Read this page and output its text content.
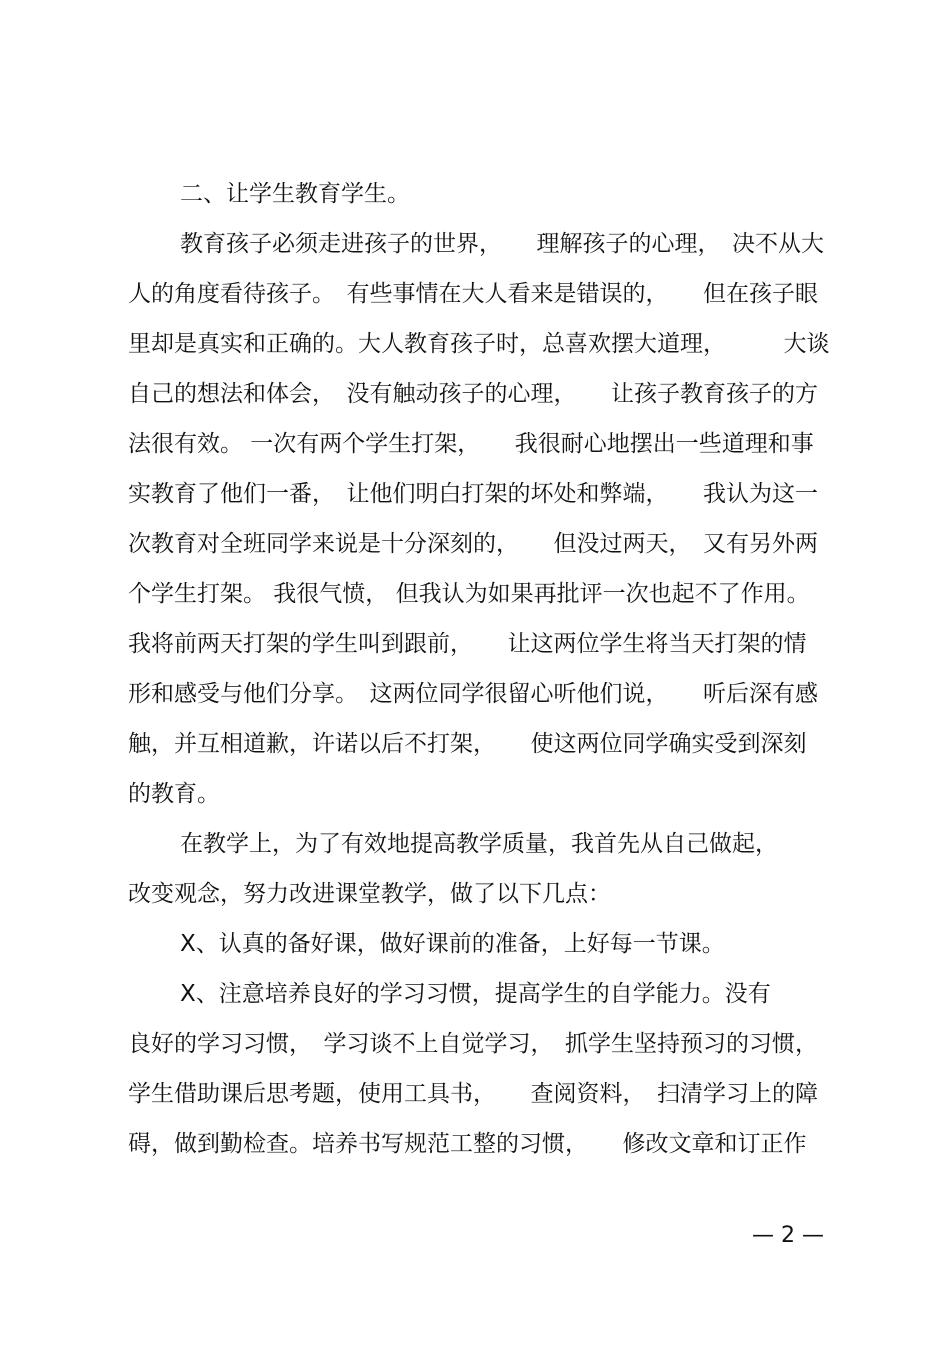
二、让学生教育学生。
教育孩子必须走进孩子的世界，　　理解孩子的心理，　决不从大
人的角度看待孩子。　有些事情在大人看来是错误的，　　但在孩子眼
里却是真实和正确的。大人教育孩子时，总喜欢摆大道理，　　　大谈
自己的想法和体会，　没有触动孩子的心理，　　让孩子教育孩子的方
法很有效。 一次有两个学生打架，　　我很耐心地摆出一些道理和事
实教育了他们一番，　让他们明白打架的坏处和弊端，　　我认为这一
次教育对全班同学来说是十分深刻的，　　但没过两天，　又有另外两
个学生打架。 我很气愤， 但我认为如果再批评一次也起不了作用。
我将前两天打架的学生叫到跟前，　　让这两位学生将当天打架的情
形和感受与他们分享。　这两位同学很留心听他们说，　　听后深有感
触，并互相道歉，许诺以后不打架，　　使这两位同学确实受到深刻
的教育。
在教学上，为了有效地提高教学质量，我首先从自己做起，
改变观念，努力改进课堂教学，做了以下几点：
X、认真的备好课，做好课前的准备，上好每一节课。
X、注意培养良好的学习习惯，提高学生的自学能力。没有
良好的学习习惯，　学习谈不上自觉学习，　抓学生坚持预习的习惯，
学生借助课后思考题，使用工具书，　　查阅资料，　扫清学习上的障
碍，做到勤检查。培养书写规范工整的习惯，　　修改文章和订正作
— 2 —
